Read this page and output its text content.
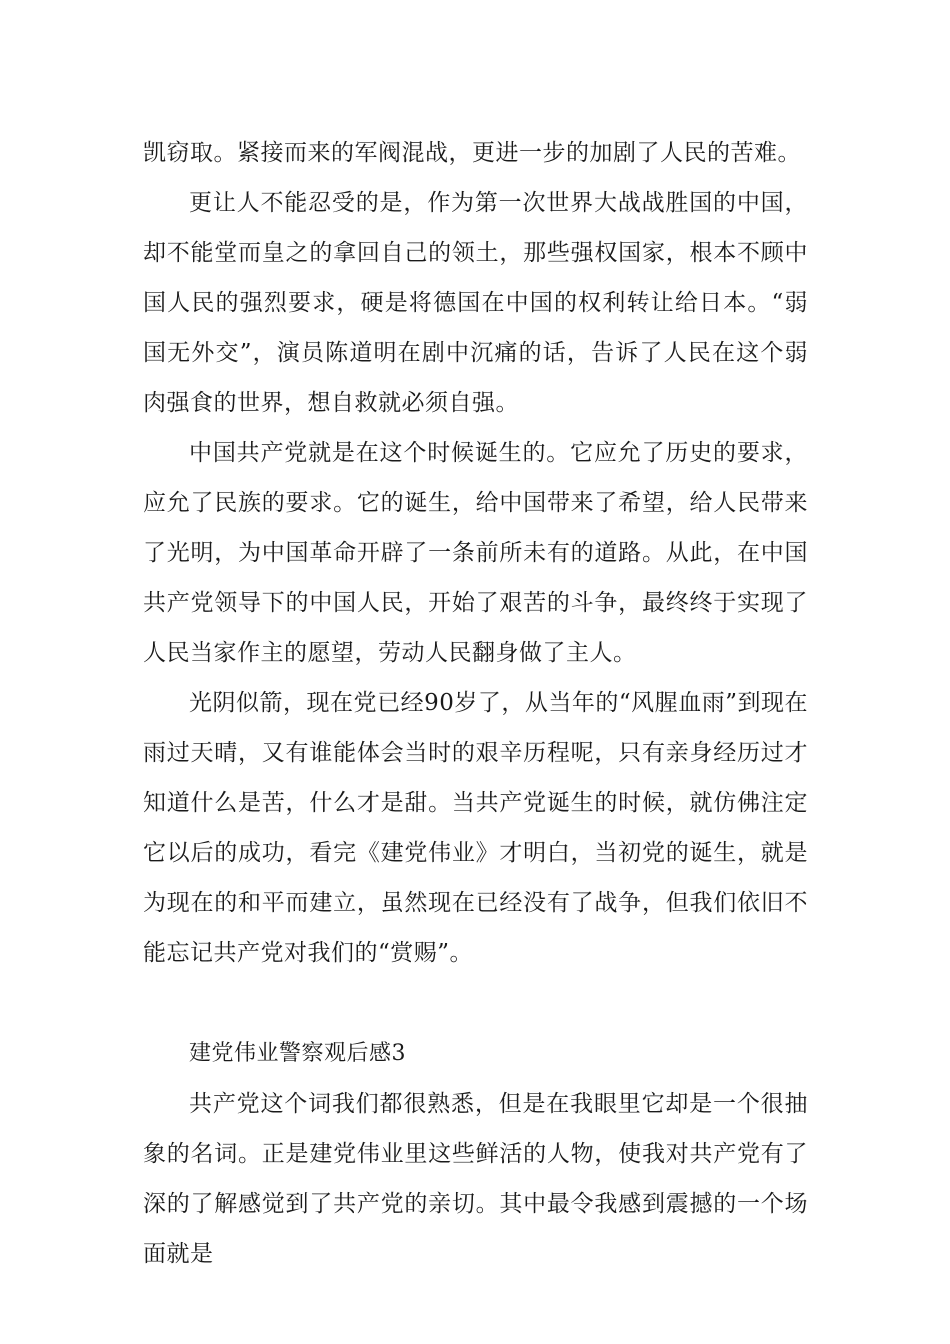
凯窃取。紧接而来的军阀混战，更进一步的加剧了人民的苦难。

更让人不能忍受的是，作为第一次世界大战战胜国的中国，却不能堂而皇之的拿回自己的领土，那些强权国家，根本不顾中国人民的强烈要求，硬是将德国在中国的权利转让给日本。“弱国无外交”，演员陈道明在剧中沉痛的话，告诉了人民在这个弱肉强食的世界，想自救就必须自强。

中国共产党就是在这个时候诞生的。它应允了历史的要求，应允了民族的要求。它的诞生，给中国带来了希望，给人民带来了光明，为中国革命开辟了一条前所未有的道路。从此，在中国共产党领导下的中国人民，开始了艰苦的斗争，最终终于实现了人民当家作主的愿望，劳动人民翻身做了主人。

光阴似箭，现在党已经90岁了，从当年的“风腥血雨”到现在雨过天晴，又有谁能体会当时的艰辛历程呢，只有亲身经历过才知道什么是苦，什么才是甜。当共产党诞生的时候，就仿佛注定它以后的成功，看完《建党伟业》才明白，当初党的诞生，就是为现在的和平而建立，虽然现在已经没有了战争，但我们依旧不能忘记共产党对我们的“赏赐”。

建党伟业警察观后感3

共产党这个词我们都很熟悉，但是在我眼里它却是一个很抽象的名词。正是建党伟业里这些鲜活的人物，使我对共产党有了深的了解感觉到了共产党的亲切。其中最令我感到震撼的一个场面就是
